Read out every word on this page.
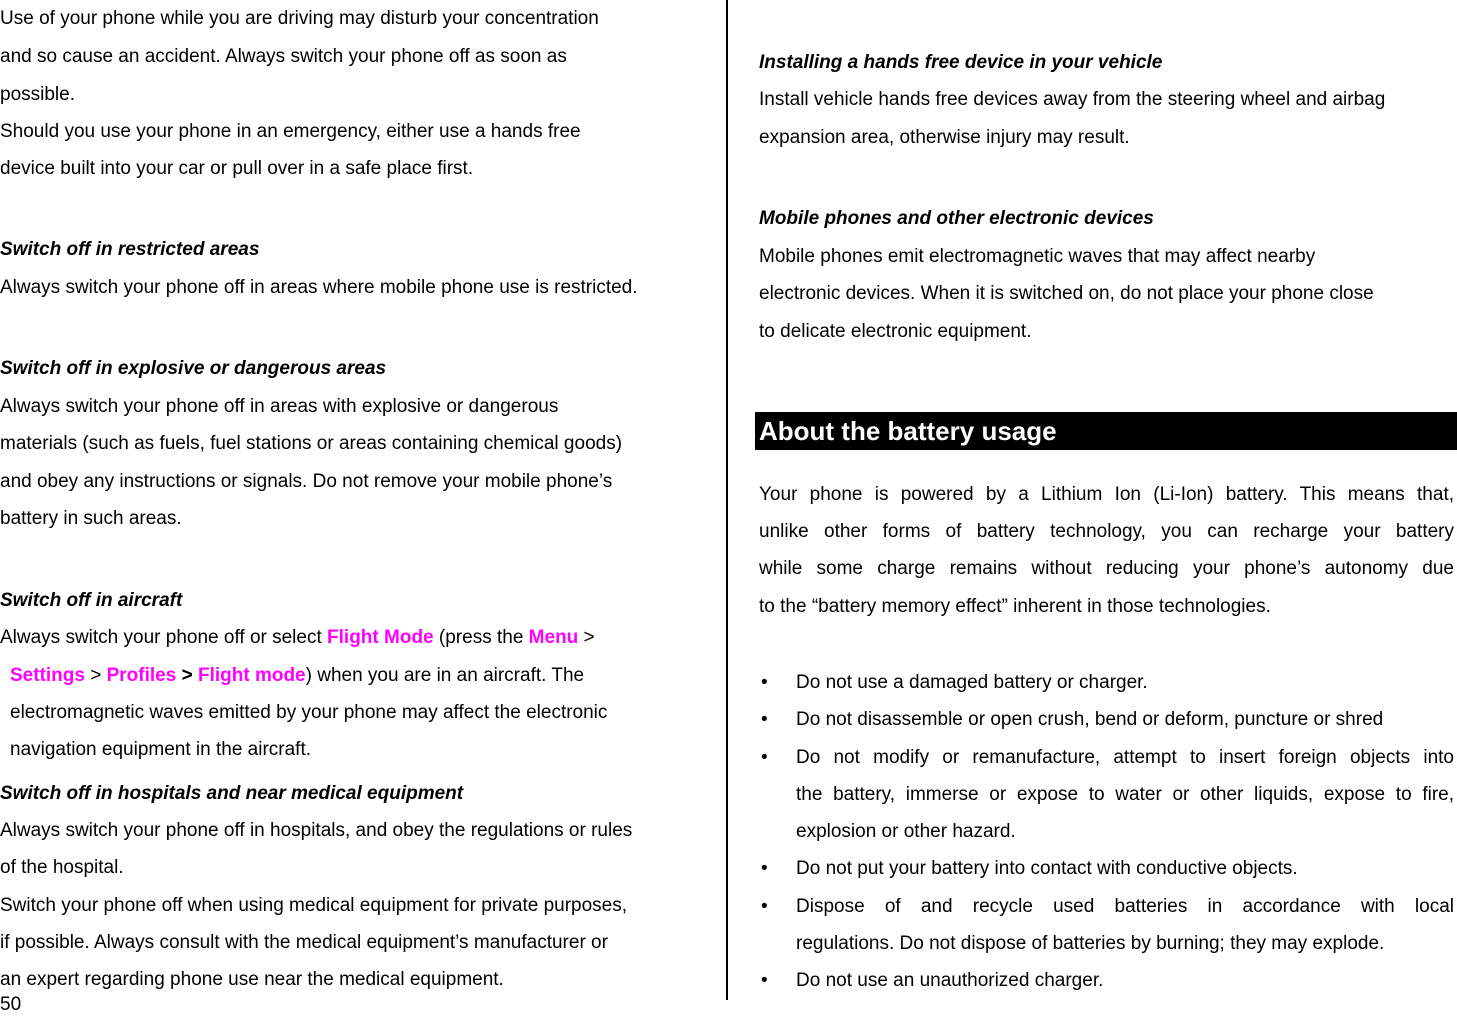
Use of your phone while you are driving may disturb your concentration
and so cause an accident. Always switch your phone off as soon as
possible.
Should you use your phone in an emergency, either use a hands free
device built into your car or pull over in a safe place first.
Switch off in restricted areas
Always switch your phone off in areas where mobile phone use is restricted.
Switch off in explosive or dangerous areas
Always switch your phone off in areas with explosive or dangerous
materials (such as fuels, fuel stations or areas containing chemical goods)
and obey any instructions or signals. Do not remove your mobile phone’s
battery in such areas.
Switch off in aircraft
Always switch your phone off or select Flight Mode (press the Menu >
Settings > Profiles > Flight mode) when you are in an aircraft. The
electromagnetic waves emitted by your phone may affect the electronic
navigation equipment in the aircraft.
Switch off in hospitals and near medical equipment
Always switch your phone off in hospitals, and obey the regulations or rules
of the hospital.
Switch your phone off when using medical equipment for private purposes,
if possible. Always consult with the medical equipment’s manufacturer or
an expert regarding phone use near the medical equipment.
50
Installing a hands free device in your vehicle
Install vehicle hands free devices away from the steering wheel and airbag
expansion area, otherwise injury may result.
Mobile phones and other electronic devices
Mobile phones emit electromagnetic waves that may affect nearby
electronic devices. When it is switched on, do not place your phone close
to delicate electronic equipment.
About the battery usage
Your phone is powered by a Lithium Ion (Li-Ion) battery. This means that,
unlike other forms of battery technology, you can recharge your battery
while some charge remains without reducing your phone’s autonomy due
to the “battery memory effect” inherent in those technologies.
• Do not use a damaged battery or charger.
• Do not disassemble or open crush, bend or deform, puncture or shred
• Do not modify or remanufacture, attempt to insert foreign objects into
the battery, immerse or expose to water or other liquids, expose to fire,
explosion or other hazard.
• Do not put your battery into contact with conductive objects.
• Dispose of and recycle used batteries in accordance with local
regulations. Do not dispose of batteries by burning; they may explode.
• Do not use an unauthorized charger.
